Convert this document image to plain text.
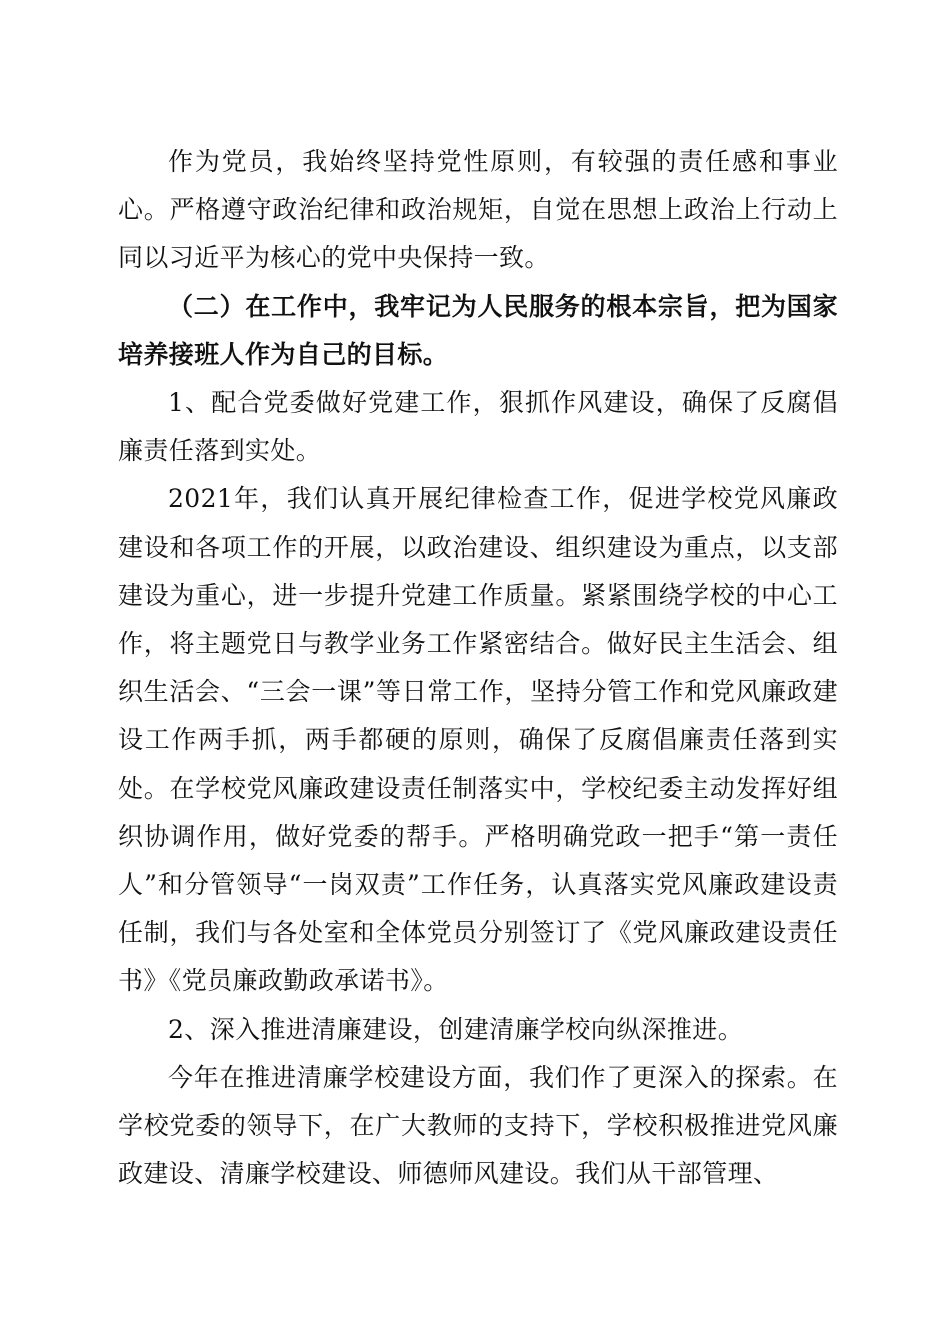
作为党员，我始终坚持党性原则，有较强的责任感和事业心。严格遵守政治纪律和政治规矩，自觉在思想上政治上行动上同以习近平为核心的党中央保持一致。

（二）在工作中，我牢记为人民服务的根本宗旨，把为国家培养接班人作为自己的目标。

1、配合党委做好党建工作，狠抓作风建设，确保了反腐倡廉责任落到实处。

2021年，我们认真开展纪律检查工作，促进学校党风廉政建设和各项工作的开展，以政治建设、组织建设为重点，以支部建设为重心，进一步提升党建工作质量。紧紧围绕学校的中心工作，将主题党日与教学业务工作紧密结合。做好民主生活会、组织生活会、“三会一课”等日常工作，坚持分管工作和党风廉政建设工作两手抓，两手都硬的原则，确保了反腐倡廉责任落到实处。在学校党风廉政建设责任制落实中，学校纪委主动发挥好组织协调作用，做好党委的帮手。严格明确党政一把手“第一责任人”和分管领导“一岗双责”工作任务，认真落实党风廉政建设责任制，我们与各处室和全体党员分别签订了《党风廉政建设责任书》《党员廉政勤政承诺书》。

2、深入推进清廉建设，创建清廉学校向纵深推进。

今年在推进清廉学校建设方面，我们作了更深入的探索。在学校党委的领导下，在广大教师的支持下，学校积极推进党风廉政建设、清廉学校建设、师德师风建设。我们从干部管理、
